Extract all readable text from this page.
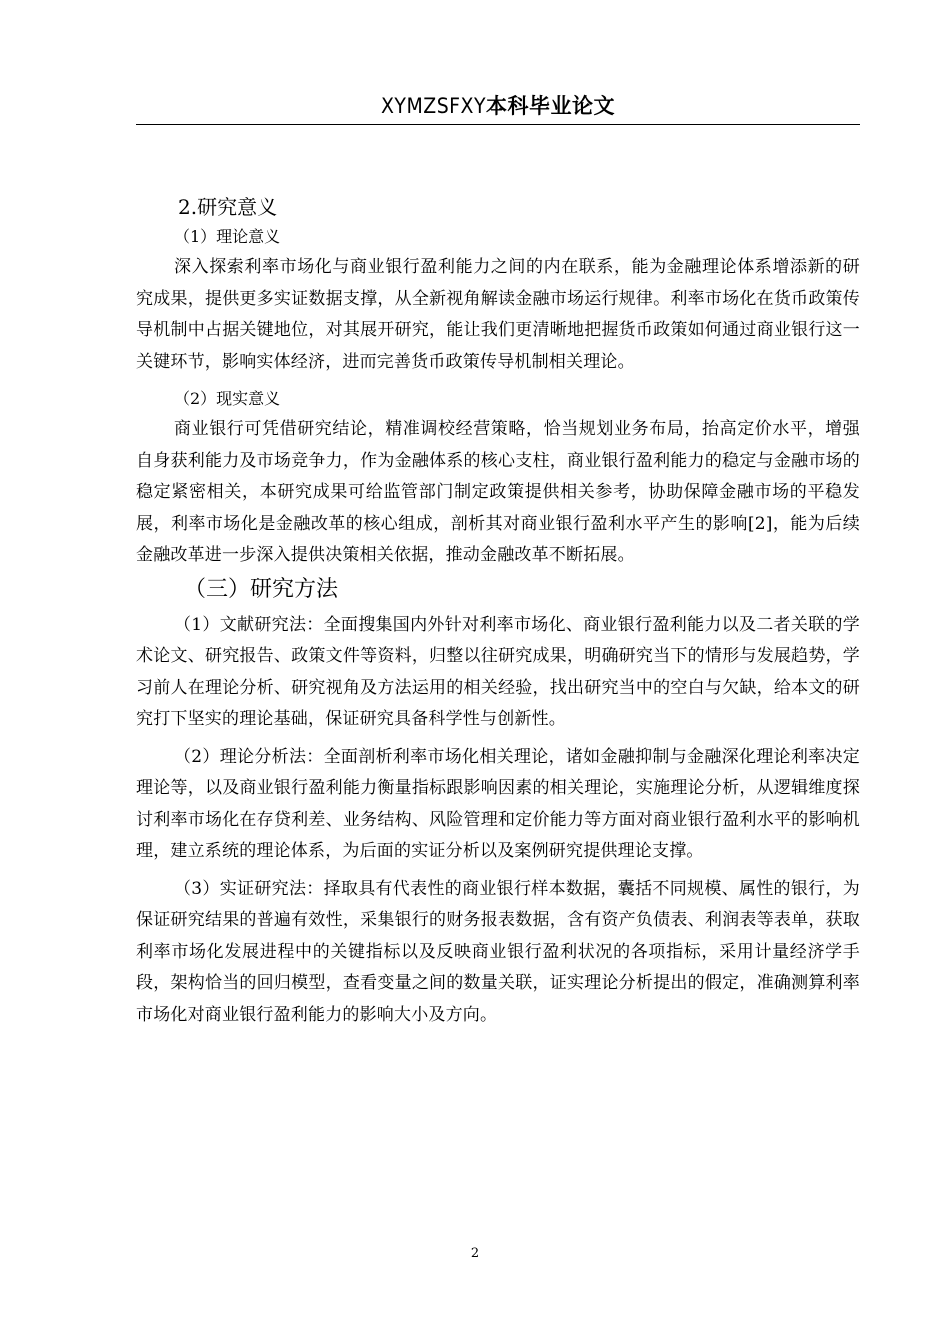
XYMZSFXY本科毕业论文
2.研究意义
（1）理论意义

深入探索利率市场化与商业银行盈利能力之间的内在联系，能为金融理论体系增添新的研究成果，提供更多实证数据支撑，从全新视角解读金融市场运行规律。利率市场化在货币政策传导机制中占据关键地位，对其展开研究，能让我们更清晰地把握货币政策如何通过商业银行这一关键环节，影响实体经济，进而完善货币政策传导机制相关理论。

（2）现实意义

商业银行可凭借研究结论，精准调校经营策略，恰当规划业务布局，抬高定价水平，增强自身获利能力及市场竞争力，作为金融体系的核心支柱，商业银行盈利能力的稳定与金融市场的稳定紧密相关，本研究成果可给监管部门制定政策提供相关参考，协助保障金融市场的平稳发展，利率市场化是金融改革的核心组成，剖析其对商业银行盈利水平产生的影响[2]，能为后续金融改革进一步深入提供决策相关依据，推动金融改革不断拓展。

（三）研究方法

（1）文献研究法：全面搜集国内外针对利率市场化、商业银行盈利能力以及二者关联的学术论文、研究报告、政策文件等资料，归整以往研究成果，明确研究当下的情形与发展趋势，学习前人在理论分析、研究视角及方法运用的相关经验，找出研究当中的空白与欠缺，给本文的研究打下坚实的理论基础，保证研究具备科学性与创新性。

（2）理论分析法：全面剖析利率市场化相关理论，诸如金融抑制与金融深化理论利率决定理论等，以及商业银行盈利能力衡量指标跟影响因素的相关理论，实施理论分析，从逻辑维度探讨利率市场化在存贷利差、业务结构、风险管理和定价能力等方面对商业银行盈利水平的影响机理，建立系统的理论体系，为后面的实证分析以及案例研究提供理论支撑。

（3）实证研究法：择取具有代表性的商业银行样本数据，囊括不同规模、属性的银行，为保证研究结果的普遍有效性，采集银行的财务报表数据，含有资产负债表、利润表等表单，获取利率市场化发展进程中的关键指标以及反映商业银行盈利状况的各项指标，采用计量经济学手段，架构恰当的回归模型，查看变量之间的数量关联，证实理论分析提出的假定，准确测算利率市场化对商业银行盈利能力的影响大小及方向。

2
